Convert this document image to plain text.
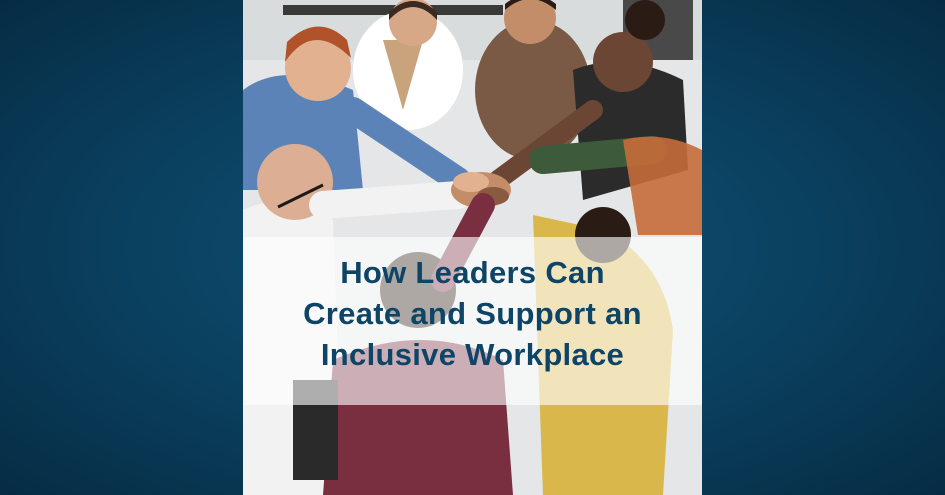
How Leaders Can
Create and Support an
Inclusive Workplace
